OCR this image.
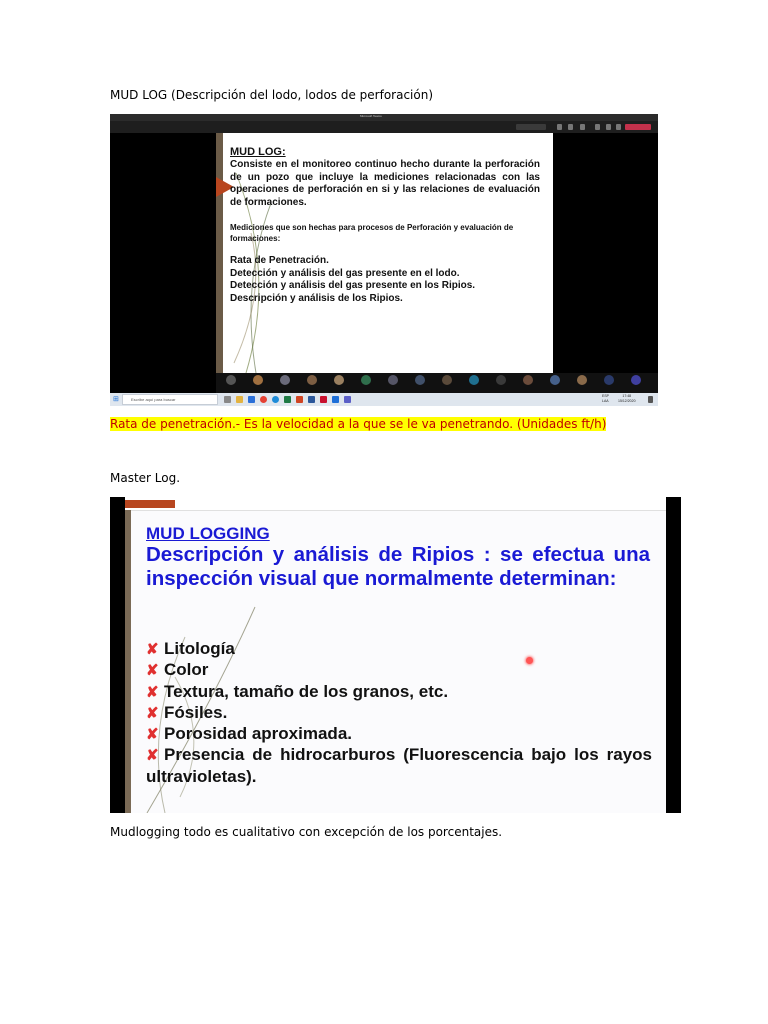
MUD LOG (Descripción del lodo, lodos de perforación)
Microsoft Teams
MUD LOG:
Consiste en el monitoreo continuo hecho durante la perforación de un pozo que incluye la mediciones relacionadas con las operaciones de perforación en si y las relaciones de evaluación de formaciones.
Mediciones que son hechas para procesos de Perforación y evaluación de formaciones:
Rata de Penetración.
Detección y análisis del gas presente en el lodo.
Detección y análisis del gas presente en los Ripios.
Descripción y análisis de los Ripios.
⊞	Escribe aquí para buscar
ESP
LAA
17:48
15/12/2020
Rata de penetración.- Es la velocidad a la que se le va penetrando. (Unidades ft/h)
Master Log.
MUD LOGGING
Descripción y análisis de Ripios : se efectua una inspección visual que normalmente determinan:
✘ Litología
✘ Color
✘ Textura, tamaño de los granos, etc.
✘ Fósiles.
✘ Porosidad aproximada.
✘ Presencia de hidrocarburos (Fluorescencia bajo los rayos ultravioletas).
Mudlogging todo es cualitativo con excepción de los porcentajes.
